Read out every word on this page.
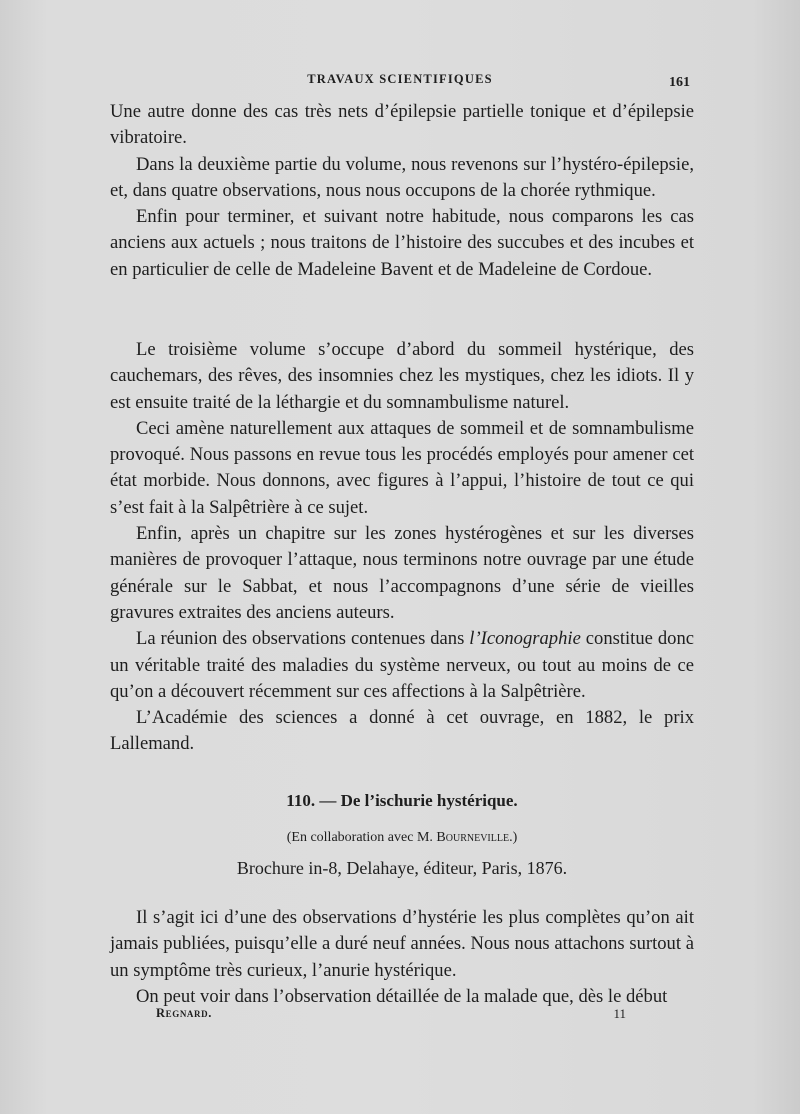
TRAVAUX SCIENTIFIQUES	161

Une autre donne des cas très nets d’épilepsie partielle tonique et d’épilepsie vibratoire.

Dans la deuxième partie du volume, nous revenons sur l’hystéro-épilepsie, et, dans quatre observations, nous nous occupons de la chorée rythmique.

Enfin pour terminer, et suivant notre habitude, nous comparons les cas anciens aux actuels ; nous traitons de l’histoire des succubes et des incubes et en particulier de celle de Madeleine Bavent et de Madeleine de Cordoue.

Le troisième volume s’occupe d’abord du sommeil hystérique, des cauchemars, des rêves, des insomnies chez les mystiques, chez les idiots. Il y est ensuite traité de la léthargie et du somnambulisme naturel.

Ceci amène naturellement aux attaques de sommeil et de somnambulisme provoqué. Nous passons en revue tous les procédés employés pour amener cet état morbide. Nous donnons, avec figures à l’appui, l’histoire de tout ce qui s’est fait à la Salpêtrière à ce sujet.

Enfin, après un chapitre sur les zones hystérogènes et sur les diverses manières de provoquer l’attaque, nous terminons notre ouvrage par une étude générale sur le Sabbat, et nous l’accompagnons d’une série de vieilles gravures extraites des anciens auteurs.

La réunion des observations contenues dans l’Iconographie constitue donc un véritable traité des maladies du système nerveux, ou tout au moins de ce qu’on a découvert récemment sur ces affections à la Salpêtrière.

L’Académie des sciences a donné à cet ouvrage, en 1882, le prix Lallemand.

110. — De l’ischurie hystérique.
(En collaboration avec M. Bourneville.)
Brochure in-8, Delahaye, éditeur, Paris, 1876.

Il s’agit ici d’une des observations d’hystérie les plus complètes qu’on ait jamais publiées, puisqu’elle a duré neuf années. Nous nous attachons surtout à un symptôme très curieux, l’anurie hystérique.

On peut voir dans l’observation détaillée de la malade que, dès le début

Regnard.	11
